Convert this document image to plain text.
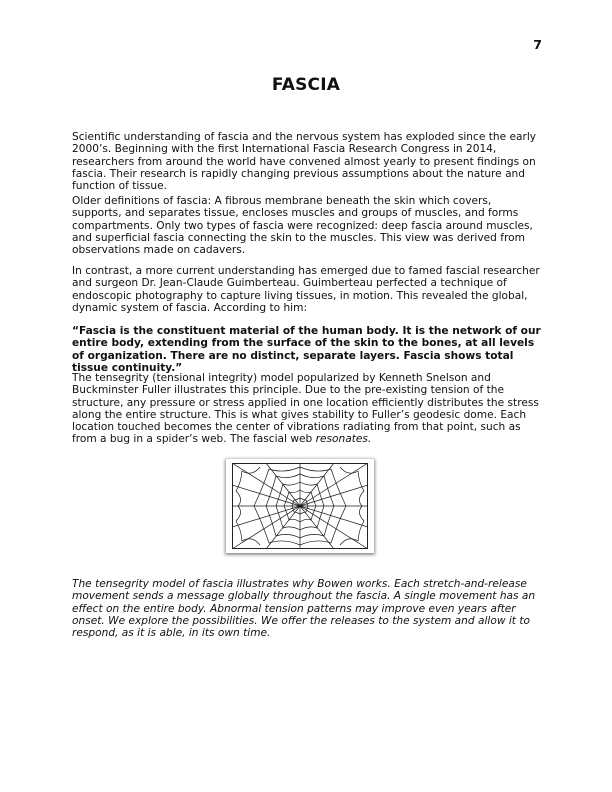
7
FASCIA

Scientific understanding of fascia and the nervous system has exploded since the early 2000’s. Beginning with the first International Fascia Research Congress in 2014, researchers from around the world have convened almost yearly to present findings on fascia. Their research is rapidly changing previous assumptions about the nature and function of tissue.

Older definitions of fascia: A fibrous membrane beneath the skin which covers, supports, and separates tissue, encloses muscles and groups of muscles, and forms compartments. Only two types of fascia were recognized: deep fascia around muscles, and superficial fascia connecting the skin to the muscles. This view was derived from observations made on cadavers.

In contrast, a more current understanding has emerged due to famed fascial researcher and surgeon Dr. Jean-Claude Guimberteau. Guimberteau perfected a technique of endoscopic photography to capture living tissues, in motion. This revealed the global, dynamic system of fascia. According to him:

“Fascia is the constituent material of the human body. It is the network of our entire body, extending from the surface of the skin to the bones, at all levels of organization. There are no distinct, separate layers. Fascia shows total tissue continuity.”

The tensegrity (tensional integrity) model popularized by Kenneth Snelson and Buckminster Fuller illustrates this principle. Due to the pre-existing tension of the structure, any pressure or stress applied in one location efficiently distributes the stress along the entire structure. This is what gives stability to Fuller’s geodesic dome. Each location touched becomes the center of vibrations radiating from that point, such as from a bug in a spider’s web. The fascial web resonates.

The tensegrity model of fascia illustrates why Bowen works. Each stretch-and-release movement sends a message globally throughout the fascia. A single movement has an effect on the entire body. Abnormal tension patterns may improve even years after onset. We explore the possibilities. We offer the releases to the system and allow it to respond, as it is able, in its own time.
